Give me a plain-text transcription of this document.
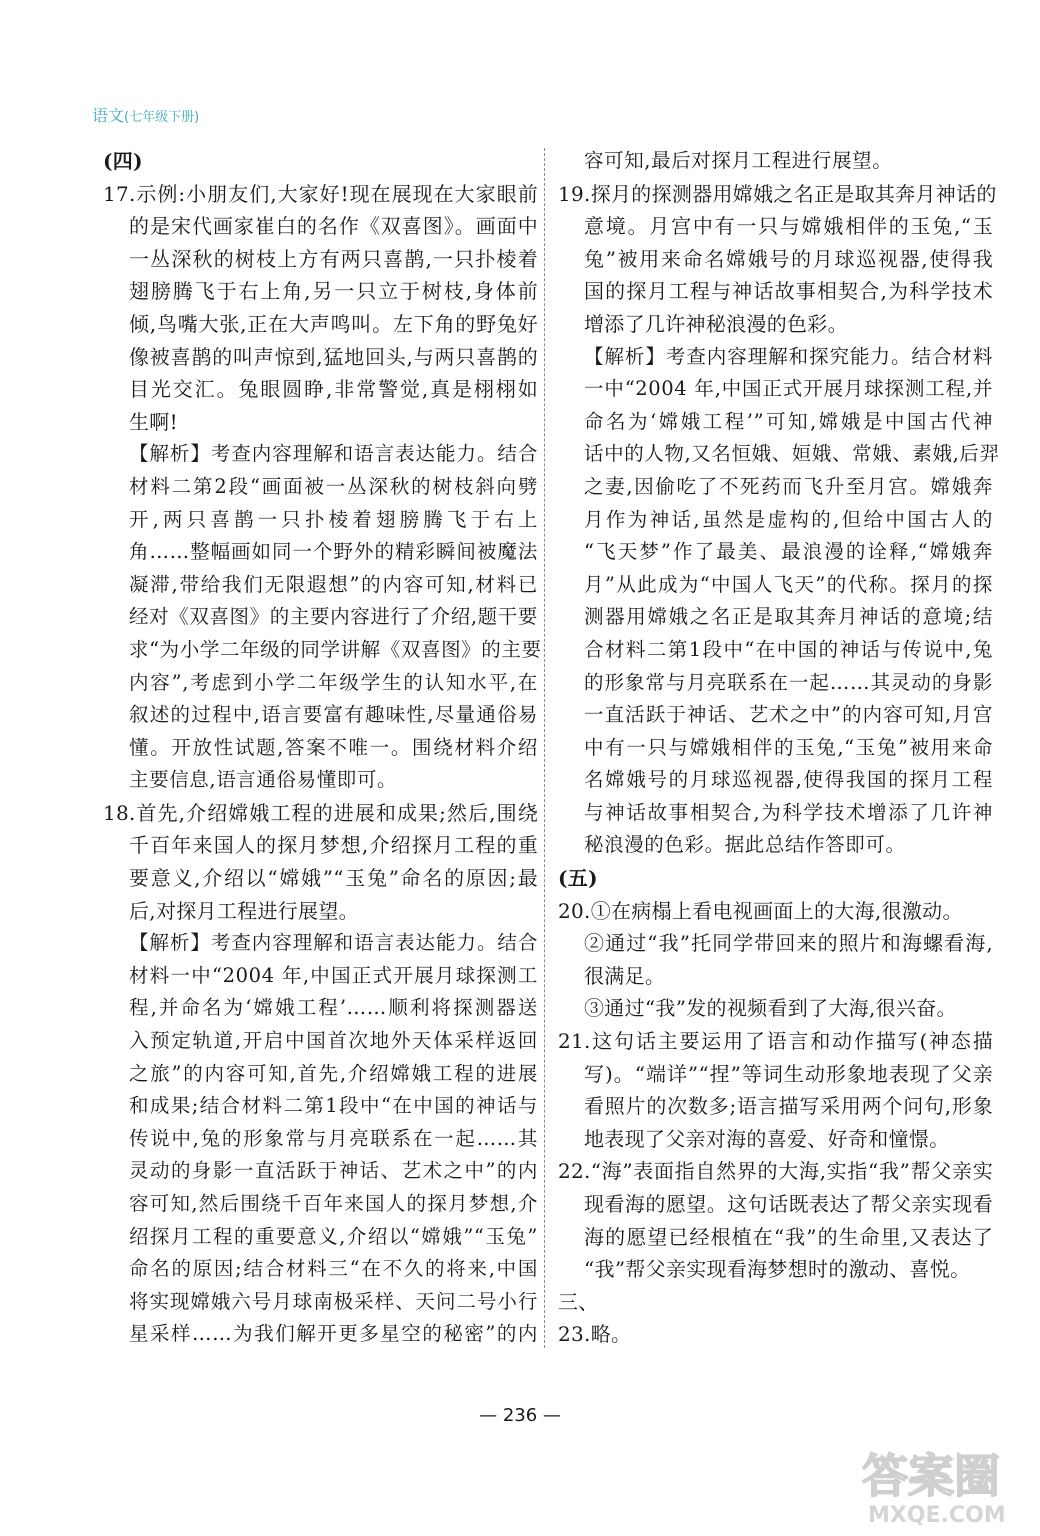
语文(七年级下册)
(四)
17.示例:小朋友们,大家好!现在展现在大家眼前
的是宋代画家崔白的名作《双喜图》。画面中
一丛深秋的树枝上方有两只喜鹊,一只扑棱着
翅膀腾飞于右上角,另一只立于树枝,身体前
倾,鸟嘴大张,正在大声鸣叫。左下角的野兔好
像被喜鹊的叫声惊到,猛地回头,与两只喜鹊的
目光交汇。兔眼圆睁,非常警觉,真是栩栩如
生啊!
【解析】考查内容理解和语言表达能力。结合
材料二第2段“画面被一丛深秋的树枝斜向劈
开,两只喜鹊一只扑棱着翅膀腾飞于右上
角……整幅画如同一个野外的精彩瞬间被魔法
凝滞,带给我们无限遐想”的内容可知,材料已
经对《双喜图》的主要内容进行了介绍,题干要
求“为小学二年级的同学讲解《双喜图》的主要
内容”,考虑到小学二年级学生的认知水平,在
叙述的过程中,语言要富有趣味性,尽量通俗易
懂。开放性试题,答案不唯一。围绕材料介绍
主要信息,语言通俗易懂即可。
18.首先,介绍嫦娥工程的进展和成果;然后,围绕
千百年来国人的探月梦想,介绍探月工程的重
要意义,介绍以“嫦娥”“玉兔”命名的原因;最
后,对探月工程进行展望。
【解析】考查内容理解和语言表达能力。结合
材料一中“2004 年,中国正式开展月球探测工
程,并命名为‘嫦娥工程’……顺利将探测器送
入预定轨道,开启中国首次地外天体采样返回
之旅”的内容可知,首先,介绍嫦娥工程的进展
和成果;结合材料二第1段中“在中国的神话与
传说中,兔的形象常与月亮联系在一起……其
灵动的身影一直活跃于神话、艺术之中”的内
容可知,然后围绕千百年来国人的探月梦想,介
绍探月工程的重要意义,介绍以“嫦娥”“玉兔”
命名的原因;结合材料三“在不久的将来,中国
将实现嫦娥六号月球南极采样、天问二号小行
星采样……为我们解开更多星空的秘密”的内
容可知,最后对探月工程进行展望。
19.探月的探测器用嫦娥之名正是取其奔月神话的
意境。月宫中有一只与嫦娥相伴的玉兔,“玉
兔”被用来命名嫦娥号的月球巡视器,使得我
国的探月工程与神话故事相契合,为科学技术
增添了几许神秘浪漫的色彩。
【解析】考查内容理解和探究能力。结合材料
一中“2004 年,中国正式开展月球探测工程,并
命名为‘嫦娥工程’”可知,嫦娥是中国古代神
话中的人物,又名恒娥、姮娥、常娥、素娥,后羿
之妻,因偷吃了不死药而飞升至月宫。嫦娥奔
月作为神话,虽然是虚构的,但给中国古人的
“飞天梦”作了最美、最浪漫的诠释,“嫦娥奔
月”从此成为“中国人飞天”的代称。探月的探
测器用嫦娥之名正是取其奔月神话的意境;结
合材料二第1段中“在中国的神话与传说中,兔
的形象常与月亮联系在一起……其灵动的身影
一直活跃于神话、艺术之中”的内容可知,月宫
中有一只与嫦娥相伴的玉兔,“玉兔”被用来命
名嫦娥号的月球巡视器,使得我国的探月工程
与神话故事相契合,为科学技术增添了几许神
秘浪漫的色彩。据此总结作答即可。
(五)
20.①在病榻上看电视画面上的大海,很激动。
②通过“我”托同学带回来的照片和海螺看海,
很满足。
③通过“我”发的视频看到了大海,很兴奋。
21.这句话主要运用了语言和动作描写(神态描
写)。“端详”“捏”等词生动形象地表现了父亲
看照片的次数多;语言描写采用两个问句,形象
地表现了父亲对海的喜爱、好奇和憧憬。
22.“海”表面指自然界的大海,实指“我”帮父亲实
现看海的愿望。这句话既表达了帮父亲实现看
海的愿望已经根植在“我”的生命里,又表达了
“我”帮父亲实现看海梦想时的激动、喜悦。
三、
23.略。
— 236 —
答案圈
MXQE.COM
